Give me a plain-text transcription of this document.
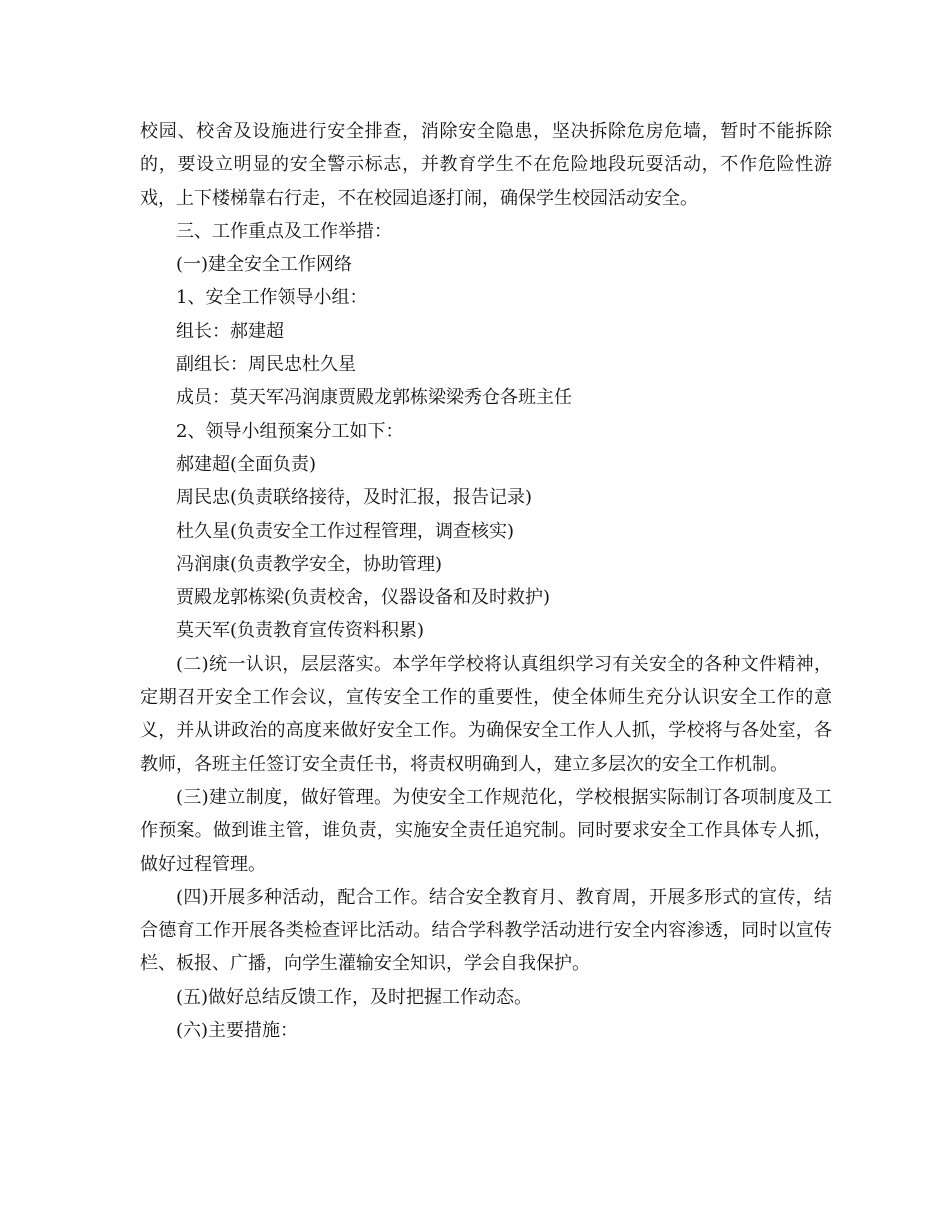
校园、校舍及设施进行安全排查，消除安全隐患，坚决拆除危房危墙，暂时不能拆除的，要设立明显的安全警示标志，并教育学生不在危险地段玩耍活动，不作危险性游戏，上下楼梯靠右行走，不在校园追逐打闹，确保学生校园活动安全。

三、工作重点及工作举措：

(一)建全安全工作网络

1、安全工作领导小组：

组长：郝建超

副组长：周民忠杜久星

成员：莫天军冯润康贾殿龙郭栋梁梁秀仓各班主任

2、领导小组预案分工如下：

郝建超(全面负责)

周民忠(负责联络接待，及时汇报，报告记录)

杜久星(负责安全工作过程管理，调查核实)

冯润康(负责教学安全，协助管理)

贾殿龙郭栋梁(负责校舍，仪器设备和及时救护)

莫天军(负责教育宣传资料积累)

(二)统一认识，层层落实。本学年学校将认真组织学习有关安全的各种文件精神，定期召开安全工作会议，宣传安全工作的重要性，使全体师生充分认识安全工作的意义，并从讲政治的高度来做好安全工作。为确保安全工作人人抓，学校将与各处室，各教师，各班主任签订安全责任书，将责权明确到人，建立多层次的安全工作机制。

(三)建立制度，做好管理。为使安全工作规范化，学校根据实际制订各项制度及工作预案。做到谁主管，谁负责，实施安全责任追究制。同时要求安全工作具体专人抓，做好过程管理。

(四)开展多种活动，配合工作。结合安全教育月、教育周，开展多形式的宣传，结合德育工作开展各类检查评比活动。结合学科教学活动进行安全内容渗透，同时以宣传栏、板报、广播，向学生灌输安全知识，学会自我保护。

(五)做好总结反馈工作，及时把握工作动态。

(六)主要措施：
